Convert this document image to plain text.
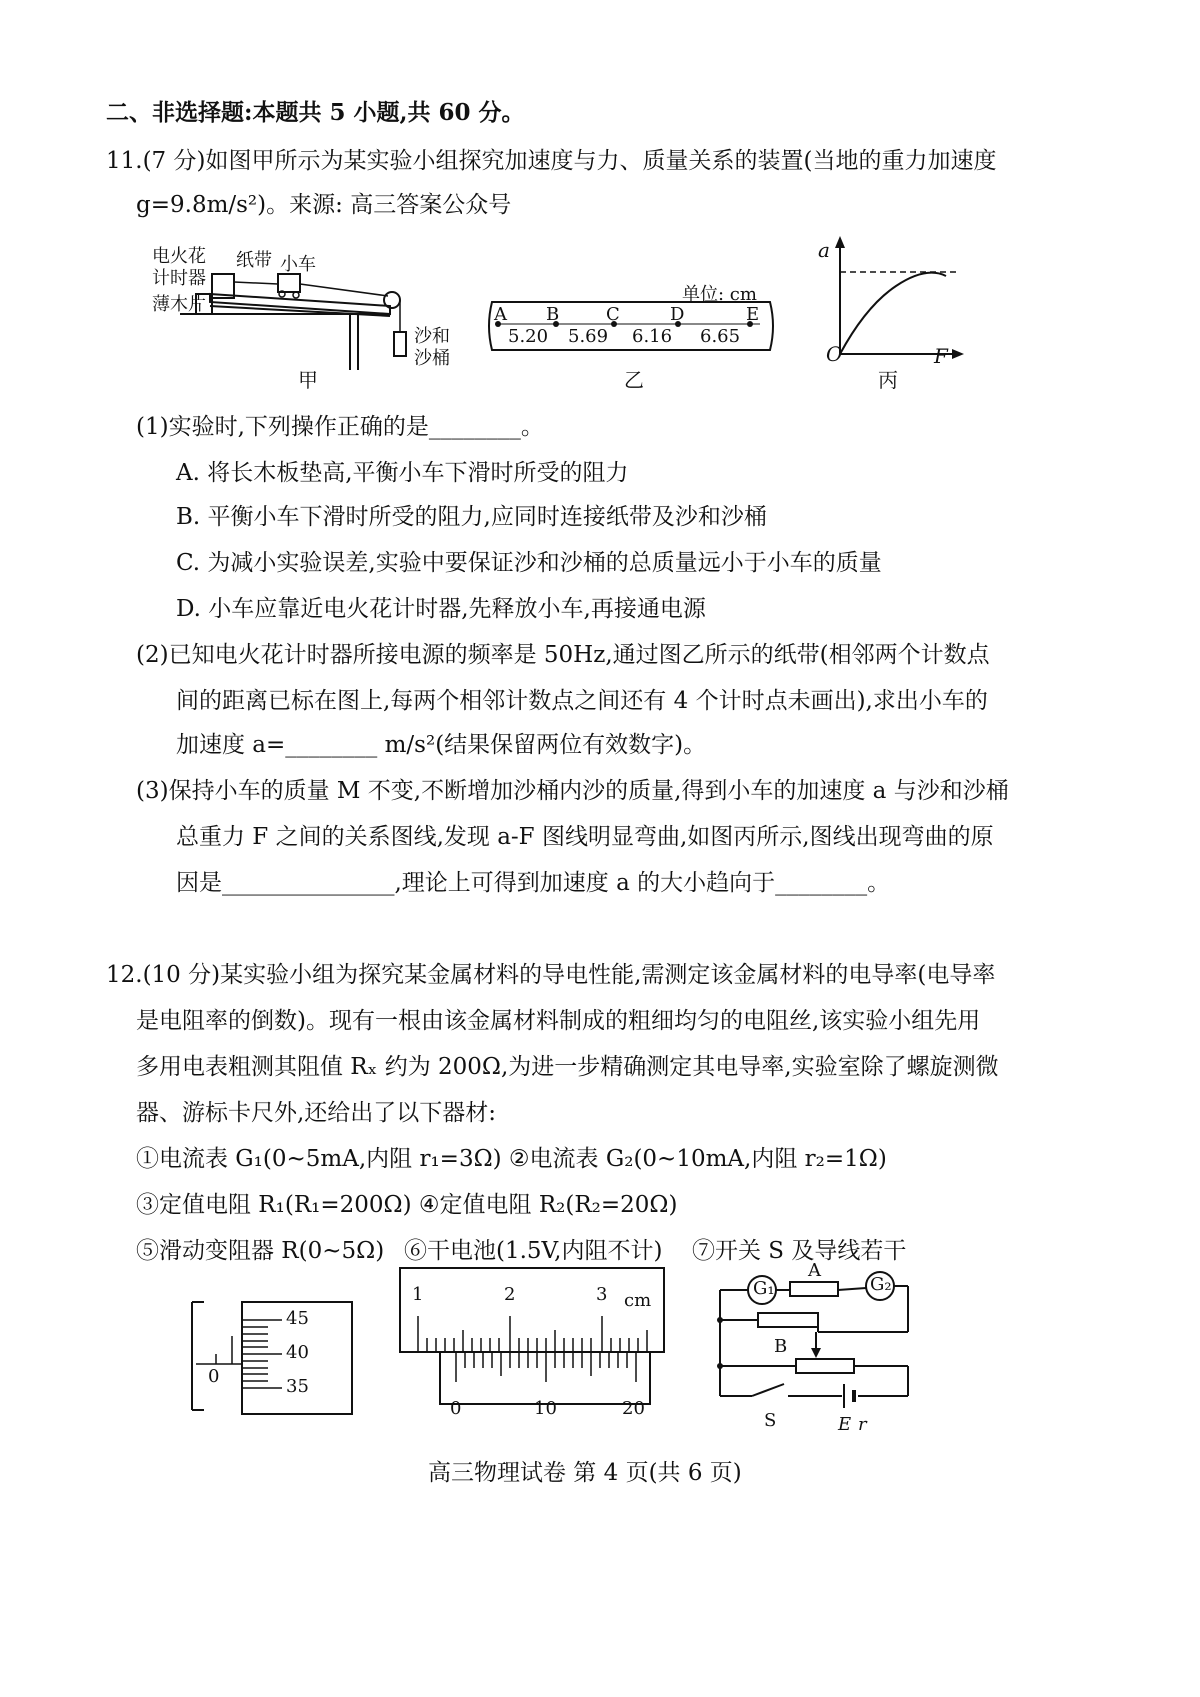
二、非选择题:本题共 5 小题,共 60 分。
11.(7 分)如图甲所示为某实验小组探究加速度与力、质量关系的装置(当地的重力加速度
g=9.8m/s²)。来源: 高三答案公众号
电火花
计时器
纸带 小车
薄木片
沙和
沙桶
甲
单位: cm
A B	C	D	E
5.20 5.69 6.16 6.65
乙
a
O	F
丙
(1)实验时,下列操作正确的是________。
A. 将长木板垫高,平衡小车下滑时所受的阻力
B. 平衡小车下滑时所受的阻力,应同时连接纸带及沙和沙桶
C. 为减小实验误差,实验中要保证沙和沙桶的总质量远小于小车的质量
D. 小车应靠近电火花计时器,先释放小车,再接通电源
(2)已知电火花计时器所接电源的频率是 50Hz,通过图乙所示的纸带(相邻两个计数点
间的距离已标在图上,每两个相邻计数点之间还有 4 个计时点未画出),求出小车的
加速度 a=________ m/s²(结果保留两位有效数字)。
(3)保持小车的质量 M 不变,不断增加沙桶内沙的质量,得到小车的加速度 a 与沙和沙桶
总重力 F 之间的关系图线,发现 a-F 图线明显弯曲,如图丙所示,图线出现弯曲的原
因是_______________,理论上可得到加速度 a 的大小趋向于________。
12.(10 分)某实验小组为探究某金属材料的导电性能,需测定该金属材料的电导率(电导率
是电阻率的倒数)。现有一根由该金属材料制成的粗细均匀的电阻丝,该实验小组先用
多用电表粗测其阻值 Rₓ 约为 200Ω,为进一步精确测定其电导率,实验室除了螺旋测微
器、游标卡尺外,还给出了以下器材:
①电流表 G₁(0~5mA,内阻 r₁=3Ω) ②电流表 G₂(0~10mA,内阻 r₂=1Ω)
③定值电阻 R₁(R₁=200Ω) ④定值电阻 R₂(R₂=20Ω)
⑤滑动变阻器 R(0~5Ω) ⑥干电池(1.5V,内阻不计) ⑦开关 S 及导线若干
45
40
35
0
1	2	3 cm
0	10	20
G₁
A
G₂
B
S	E r
高三物理试卷 第 4 页(共 6 页)
